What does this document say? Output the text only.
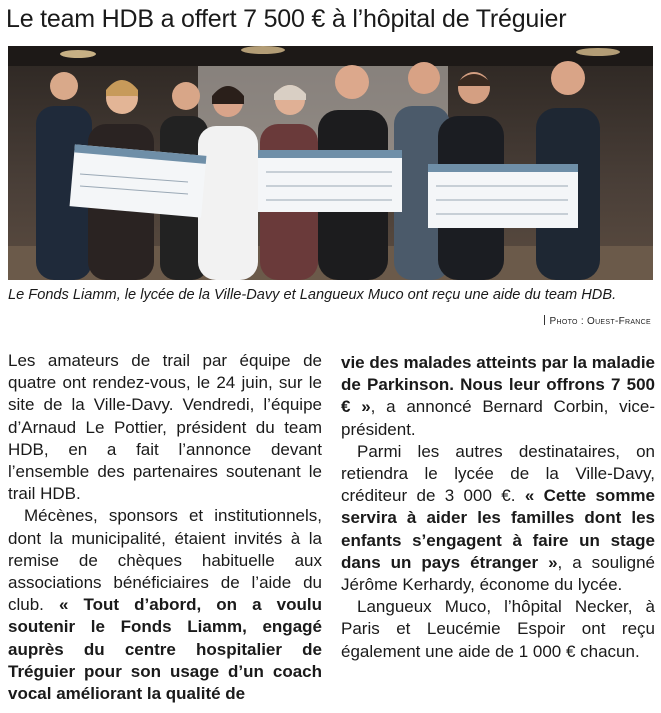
Le team HDB a offert 7 500 € à l’hôpital de Tréguier
Le Fonds Liamm, le lycée de la Ville-Davy et Langueux Muco ont reçu une aide du team HDB.
Photo : Ouest-France

Les amateurs de trail par équipe de quatre ont rendez-vous, le 24 juin, sur le site de la Ville-Davy. Vendredi, l’équipe d’Arnaud Le Pottier, président du team HDB, en a fait l’annonce devant l’ensemble des partenaires soutenant le trail HDB.

Mécènes, sponsors et institutionnels, dont la municipalité, étaient invités à la remise de chèques habituelle aux associations bénéficiaires de l’aide du club. « Tout d’abord, on a voulu soutenir le Fonds Liamm, engagé auprès du centre hospitalier de Tréguier pour son usage d’un coach vocal améliorant la qualité de

vie des malades atteints par la maladie de Parkinson. Nous leur offrons 7 500 € », a annoncé Bernard Corbin, vice-président.

Parmi les autres destinataires, on retiendra le lycée de la Ville-Davy, créditeur de 3 000 €. « Cette somme servira à aider les familles dont les enfants s’engagent à faire un stage dans un pays étranger », a souligné Jérôme Kerhardy, économe du lycée.

Langueux Muco, l’hôpital Necker, à Paris et Leucémie Espoir ont reçu également une aide de 1 000 € chacun.
